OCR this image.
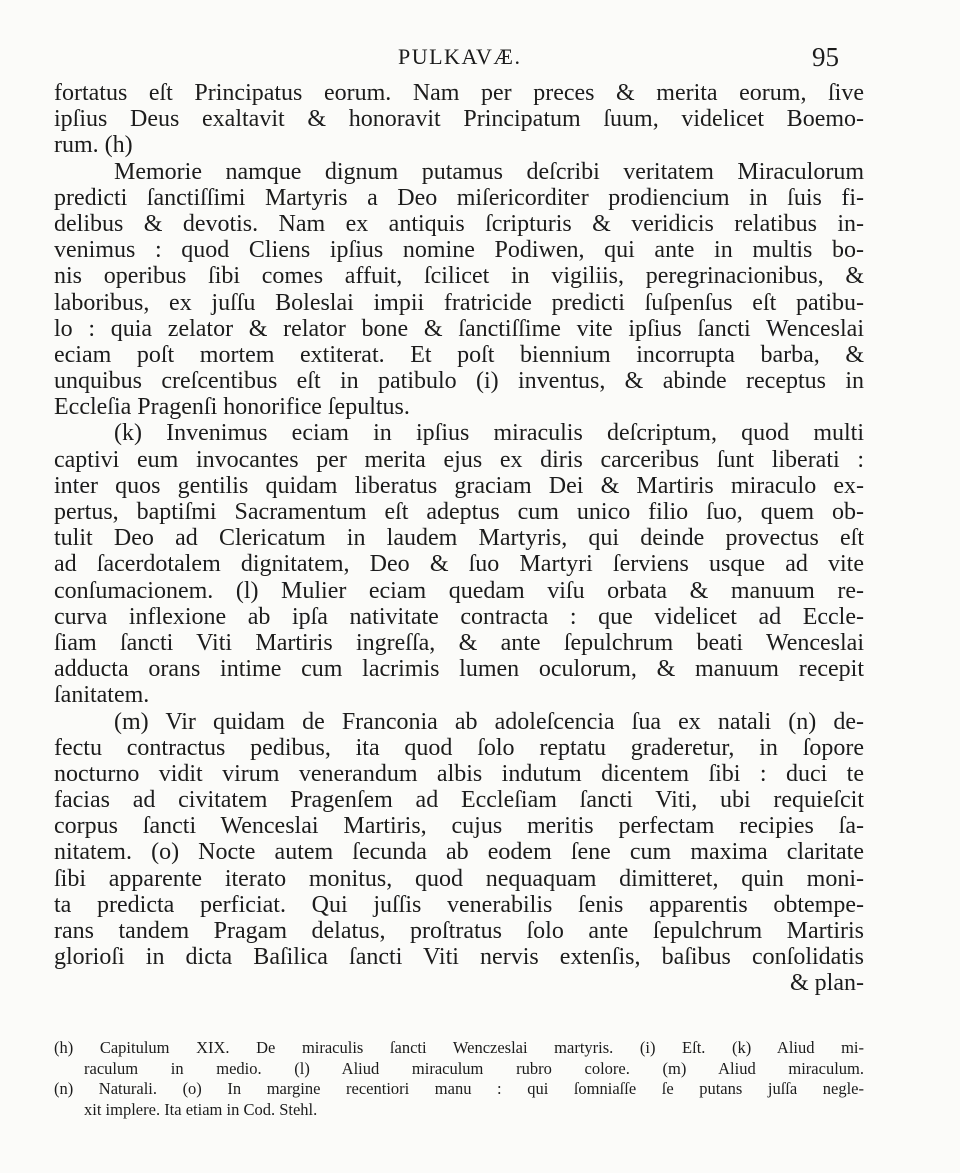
PULKAVÆ.	95
fortatus eſt Principatus eorum. Nam per preces & merita eorum, ſive
ipſius Deus exaltavit & honoravit Principatum ſuum, videlicet Boemo-
rum. (h)
Memorie namque dignum putamus deſcribi veritatem Miraculorum
predicti ſanctiſſimi Martyris a Deo miſericorditer prodiencium in ſuis fi-
delibus & devotis. Nam ex antiquis ſcripturis & veridicis relatibus in-
venimus : quod Cliens ipſius nomine Podiwen, qui ante in multis bo-
nis operibus ſibi comes affuit, ſcilicet in vigiliis, peregrinacionibus, &
laboribus, ex juſſu Boleslai impii fratricide predicti ſuſpenſus eſt patibu-
lo : quia zelator & relator bone & ſanctiſſime vite ipſius ſancti Wenceslai
eciam poſt mortem extiterat. Et poſt biennium incorrupta barba, &
unquibus creſcentibus eſt in patibulo (i) inventus, & abinde receptus in
Eccleſia Pragenſi honorifice ſepultus.
(k) Invenimus eciam in ipſius miraculis deſcriptum, quod multi
captivi eum invocantes per merita ejus ex diris carceribus ſunt liberati :
inter quos gentilis quidam liberatus graciam Dei & Martiris miraculo ex-
pertus, baptiſmi Sacramentum eſt adeptus cum unico filio ſuo, quem ob-
tulit Deo ad Clericatum in laudem Martyris, qui deinde provectus eſt
ad ſacerdotalem dignitatem, Deo & ſuo Martyri ſerviens usque ad vite
conſumacionem. (l) Mulier eciam quedam viſu orbata & manuum re-
curva inflexione ab ipſa nativitate contracta : que videlicet ad Eccle-
ſiam ſancti Viti Martiris ingreſſa, & ante ſepulchrum beati Wenceslai
adducta orans intime cum lacrimis lumen oculorum, & manuum recepit
ſanitatem.
(m) Vir quidam de Franconia ab adoleſcencia ſua ex natali (n) de-
fectu contractus pedibus, ita quod ſolo reptatu graderetur, in ſopore
nocturno vidit virum venerandum albis indutum dicentem ſibi : duci te
facias ad civitatem Pragenſem ad Eccleſiam ſancti Viti, ubi requieſcit
corpus ſancti Wenceslai Martiris, cujus meritis perfectam recipies ſa-
nitatem. (o) Nocte autem ſecunda ab eodem ſene cum maxima claritate
ſibi apparente iterato monitus, quod nequaquam dimitteret, quin moni-
ta predicta perficiat. Qui juſſis venerabilis ſenis apparentis obtempe-
rans tandem Pragam delatus, proſtratus ſolo ante ſepulchrum Martiris
glorioſi in dicta Baſilica ſancti Viti nervis extenſis, baſibus conſolidatis
& plan-
(h) Capitulum XIX. De miraculis ſancti Wenczeslai martyris. (i) Eſt. (k) Aliud mi-
raculum in medio. (l) Aliud miraculum rubro colore. (m) Aliud miraculum.
(n) Naturali. (o) In margine recentiori manu : qui ſomniaſſe ſe putans juſſa negle-
xit implere. Ita etiam in Cod. Stehl.
